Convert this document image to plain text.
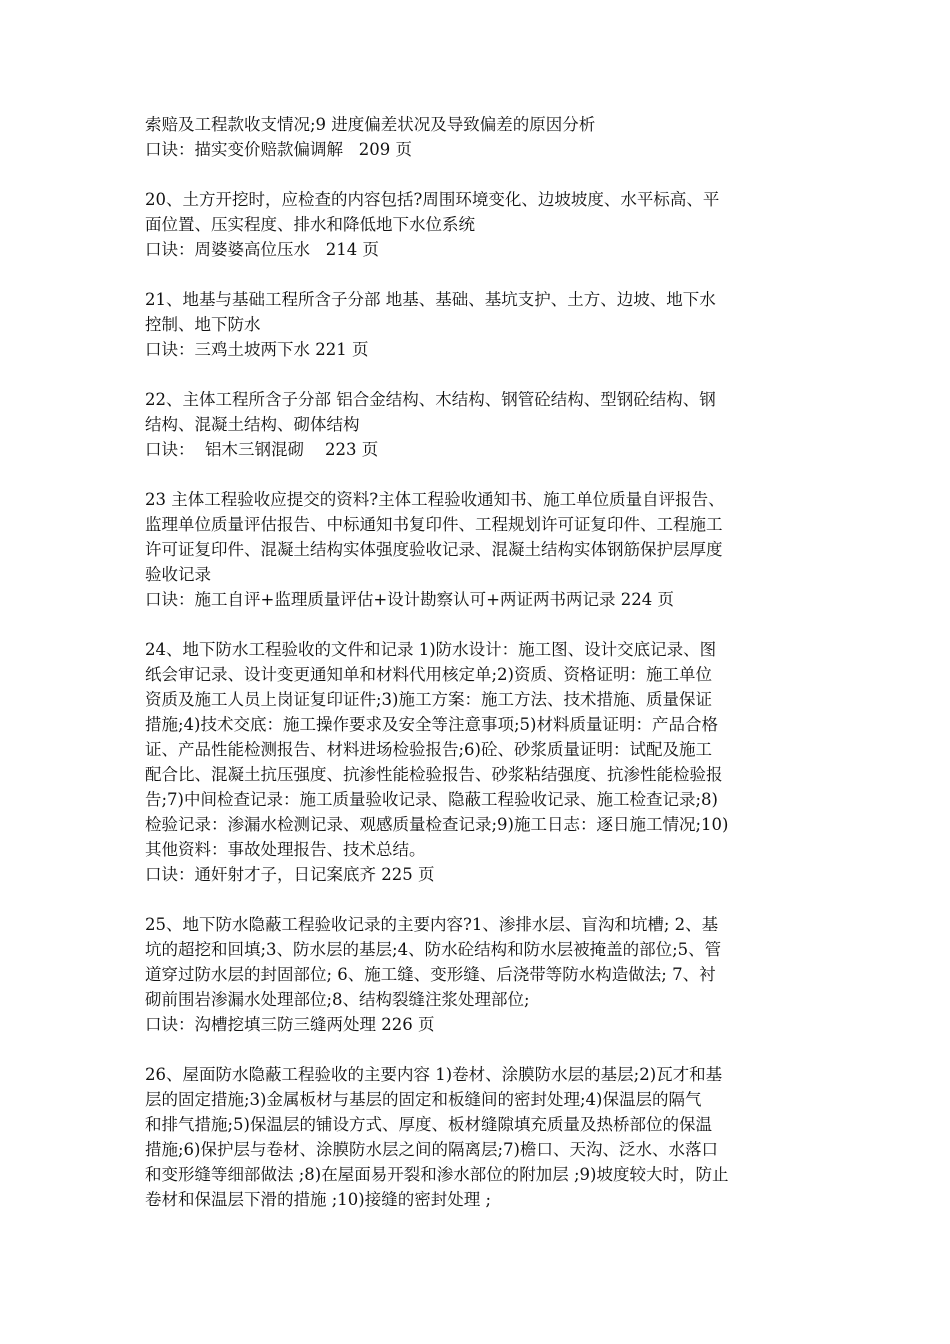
索赔及工程款收支情况;9 进度偏差状况及导致偏差的原因分析
口诀：描实变价赔款偏调解   209 页
20、土方开挖时，应检查的内容包括?周围环境变化、边坡坡度、水平标高、平
面位置、压实程度、排水和降低地下水位系统
口诀：周婆婆高位压水   214 页
21、地基与基础工程所含子分部 地基、基础、基坑支护、土方、边坡、地下水
控制、地下防水
口诀：三鸡土坡两下水 221 页
22、主体工程所含子分部 铝合金结构、木结构、钢管砼结构、型钢砼结构、钢
结构、混凝土结构、砌体结构
口诀：  铝木三钢混砌    223 页
23 主体工程验收应提交的资料?主体工程验收通知书、施工单位质量自评报告、
监理单位质量评估报告、中标通知书复印件、工程规划许可证复印件、工程施工
许可证复印件、混凝土结构实体强度验收记录、混凝土结构实体钢筋保护层厚度
验收记录
口诀：施工自评+监理质量评估+设计勘察认可+两证两书两记录 224 页
24、地下防水工程验收的文件和记录 1)防水设计：施工图、设计交底记录、图
纸会审记录、设计变更通知单和材料代用核定单;2)资质、资格证明：施工单位
资质及施工人员上岗证复印证件;3)施工方案：施工方法、技术措施、质量保证
措施;4)技术交底：施工操作要求及安全等注意事项;5)材料质量证明：产品合格
证、产品性能检测报告、材料进场检验报告;6)砼、砂浆质量证明：试配及施工
配合比、混凝土抗压强度、抗渗性能检验报告、砂浆粘结强度、抗渗性能检验报
告;7)中间检查记录：施工质量验收记录、隐蔽工程验收记录、施工检查记录;8)
检验记录：渗漏水检测记录、观感质量检查记录;9)施工日志：逐日施工情况;10)
其他资料：事故处理报告、技术总结。
口诀：通奸射才子，日记案底齐 225 页
25、地下防水隐蔽工程验收记录的主要内容?1、渗排水层、盲沟和坑槽; 2、基
坑的超挖和回填;3、防水层的基层;4、防水砼结构和防水层被掩盖的部位;5、管
道穿过防水层的封固部位; 6、施工缝、变形缝、后浇带等防水构造做法; 7、衬
砌前围岩渗漏水处理部位;8、结构裂缝注浆处理部位;
口诀：沟槽挖填三防三缝两处理 226 页
26、屋面防水隐蔽工程验收的主要内容 1)卷材、涂膜防水层的基层;2)瓦才和基
层的固定措施;3)金属板材与基层的固定和板缝间的密封处理;4)保温层的隔气
和排气措施;5)保温层的铺设方式、厚度、板材缝隙填充质量及热桥部位的保温
措施;6)保护层与卷材、涂膜防水层之间的隔离层;7)檐口、天沟、泛水、水落口
和变形缝等细部做法 ;8)在屋面易开裂和渗水部位的附加层 ;9)坡度较大时，防止
卷材和保温层下滑的措施 ;10)接缝的密封处理 ;
